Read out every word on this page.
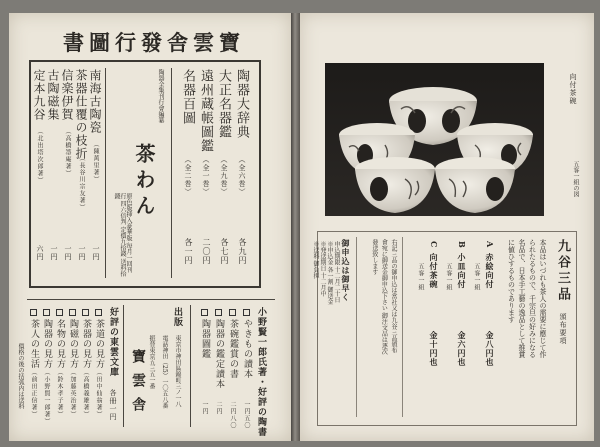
寶雲舎發行圖書
陶器大辞典
（全六巻）
各九円
大正名器鑑
（全九巻）
各七円
遠州蔵帳圖鑑
（全一巻）
二〇円
名器百圖
（全二巻）
各一円
陶器全集刊行會編纂
茶わん
原色版挿入豪華版 毎月一回刊行 四六倍判 定價九拾錢 送料拾錢
南海古陶瓷
（陳萬里著）
一円
茶器仕覆の枝折
（長谷川宗友著）
一円
信楽伊賀
（高橋箒庵著）
一円
古陶磁集
一円
定本九谷
（北出塔次郎著）
六円
小野賢一郎氏著・好評の陶書
やきもの讀本
一円五〇
茶碗鑑賞の書
二円八〇
陶器の鑑定讀本
二円
陶器圖鑑
一円
出版
東京市神田區錦町三ノ一八
電話神田（25）一〇五八番
振替東京五三五一番
寶雲舎
好評の東雲文庫
各冊一円
茶道の見方
（田中仙翁著）
茶器の見方
（高橋義雄著）
陶磁の見方
（加藤英治著）
名物の見方
（鈴木孝子著）
陶器の見方
（小野賢一郎著）
茶人の生活
（前田正信著）
價格の後の括弧内は送料
向付茶碗
五客一組の図
九谷三品
頒布要項
本品はいづれも茶人の需要に應じて作られたるもので、千宗旦の好みになる名品で、日本手工藝の逸品として推賞に値ひするものであります
A
赤絵向付
五客一組
金八円也
B
小皿向付
五客一組
金六円也
C
向付茶碗
五客一組
金十円也
右記三品の御申込は當社又は九谷三品頒布會宛に御送金御申込下さい 御注文品は逐次發送致します
御申込は御早く
申込期限 十二月二十日
※申込金 各一割 御送金
※発送期日 十二月中
※送料 御負担
